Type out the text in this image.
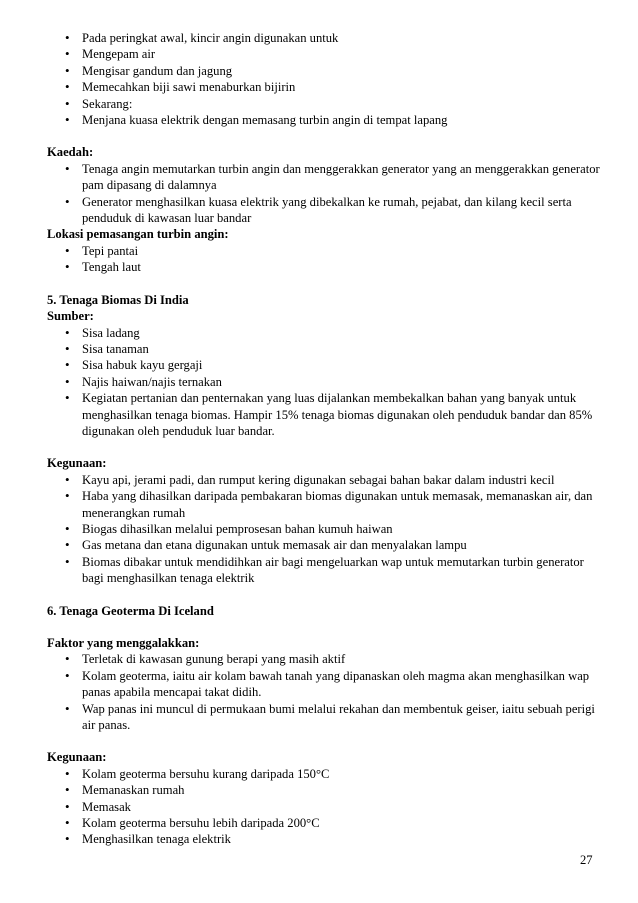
• Pada peringkat awal, kincir angin digunakan untuk
• Mengepam air
• Mengisar gandum dan jagung
• Memecahkan biji sawi menaburkan bijirin
• Sekarang:
• Menjana kuasa elektrik dengan memasang turbin angin di tempat lapang
Kaedah:
• Tenaga angin memutarkan turbin angin dan menggerakkan generator yang an menggerakkan generator pam dipasang di dalamnya
• Generator menghasilkan kuasa elektrik yang dibekalkan ke rumah, pejabat, dan kilang kecil serta penduduk di kawasan luar bandar
Lokasi pemasangan turbin angin:
• Tepi pantai
• Tengah laut
5. Tenaga Biomas Di India
Sumber:
• Sisa ladang
• Sisa tanaman
• Sisa habuk kayu gergaji
• Najis haiwan/najis ternakan
• Kegiatan pertanian dan penternakan yang luas dijalankan membekalkan bahan yang banyak untuk menghasilkan tenaga biomas. Hampir 15% tenaga biomas digunakan oleh penduduk bandar dan 85% digunakan oleh penduduk luar bandar.
Kegunaan:
• Kayu api, jerami padi, dan rumput kering digunakan sebagai bahan bakar dalam industri kecil
• Haba yang dihasilkan daripada pembakaran biomas digunakan untuk memasak, memanaskan air, dan menerangkan rumah
• Biogas dihasilkan melalui pemprosesan bahan kumuh haiwan
• Gas metana dan etana digunakan untuk memasak air dan menyalakan lampu
• Biomas dibakar untuk mendidihkan air bagi mengeluarkan wap untuk memutarkan turbin generator bagi menghasilkan tenaga elektrik
6. Tenaga Geoterma Di Iceland
Faktor yang menggalakkan:
• Terletak di kawasan gunung berapi yang masih aktif
• Kolam geoterma, iaitu air kolam bawah tanah yang dipanaskan oleh magma akan menghasilkan wap panas apabila mencapai takat didih.
• Wap panas ini muncul di permukaan bumi melalui rekahan dan membentuk geiser, iaitu sebuah perigi air panas.
Kegunaan:
• Kolam geoterma bersuhu kurang daripada 150°C
• Memanaskan rumah
• Memasak
• Kolam geoterma bersuhu lebih daripada 200°C
• Menghasilkan tenaga elektrik
27
